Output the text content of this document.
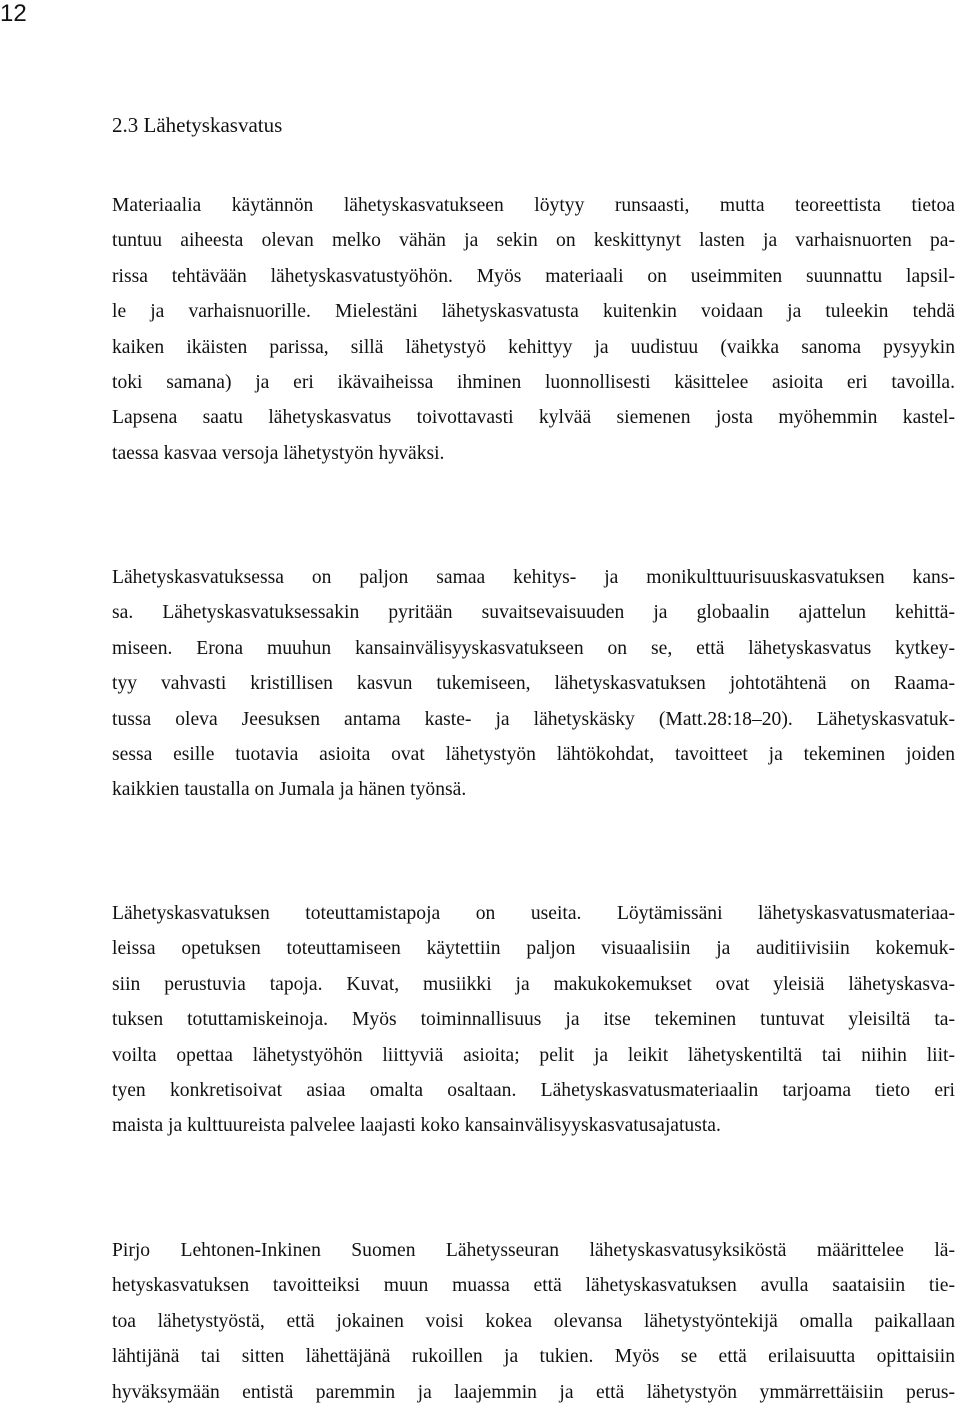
12
2.3 Lähetyskasvatus
Materiaalia käytännön lähetyskasvatukseen löytyy runsaasti, mutta teoreettista tietoa
tuntuu aiheesta olevan melko vähän ja sekin on keskittynyt lasten ja varhaisnuorten pa-
rissa tehtävään lähetyskasvatustyöhön. Myös materiaali on useimmiten suunnattu lapsil-
le ja varhaisnuorille. Mielestäni lähetyskasvatusta kuitenkin voidaan ja tuleekin tehdä
kaiken ikäisten parissa, sillä lähetystyö kehittyy ja uudistuu (vaikka sanoma pysyykin
toki samana) ja eri ikävaiheissa ihminen luonnollisesti käsittelee asioita eri tavoilla.
Lapsena saatu lähetyskasvatus toivottavasti kylvää siemenen josta myöhemmin kastel-
taessa kasvaa versoja lähetystyön hyväksi.
Lähetyskasvatuksessa on paljon samaa kehitys- ja monikulttuurisuuskasvatuksen kans-
sa. Lähetyskasvatuksessakin pyritään suvaitsevaisuuden ja globaalin ajattelun kehittä-
miseen. Erona muuhun kansainvälisyyskasvatukseen on se, että lähetyskasvatus kytkey-
tyy vahvasti kristillisen kasvun tukemiseen, lähetyskasvatuksen johtotähtenä on Raama-
tussa oleva Jeesuksen antama kaste- ja lähetyskäsky (Matt.28:18–20). Lähetyskasvatuk-
sessa esille tuotavia asioita ovat lähetystyön lähtökohdat, tavoitteet ja tekeminen joiden
kaikkien taustalla on Jumala ja hänen työnsä.
Lähetyskasvatuksen toteuttamistapoja on useita. Löytämissäni lähetyskasvatusmateriaa-
leissa opetuksen toteuttamiseen käytettiin paljon visuaalisiin ja auditiivisiin kokemuk-
siin perustuvia tapoja. Kuvat, musiikki ja makukokemukset ovat yleisiä lähetyskasva-
tuksen totuttamiskeinoja. Myös toiminnallisuus ja itse tekeminen tuntuvat yleisiltä ta-
voilta opettaa lähetystyöhön liittyviä asioita; pelit ja leikit lähetyskentiltä tai niihin liit-
tyen konkretisoivat asiaa omalta osaltaan. Lähetyskasvatusmateriaalin tarjoama tieto eri
maista ja kulttuureista palvelee laajasti koko kansainvälisyyskasvatusajatusta.
Pirjo Lehtonen-Inkinen Suomen Lähetysseuran lähetyskasvatusyksiköstä määrittelee lä-
hetyskasvatuksen tavoitteiksi muun muassa että lähetyskasvatuksen avulla saataisiin tie-
toa lähetystyöstä, että jokainen voisi kokea olevansa lähetystyöntekijä omalla paikallaan
lähtijänä tai sitten lähettäjänä rukoillen ja tukien. Myös se että erilaisuutta opittaisiin
hyväksymään entistä paremmin ja laajemmin ja että lähetystyön ymmärrettäisiin perus-
